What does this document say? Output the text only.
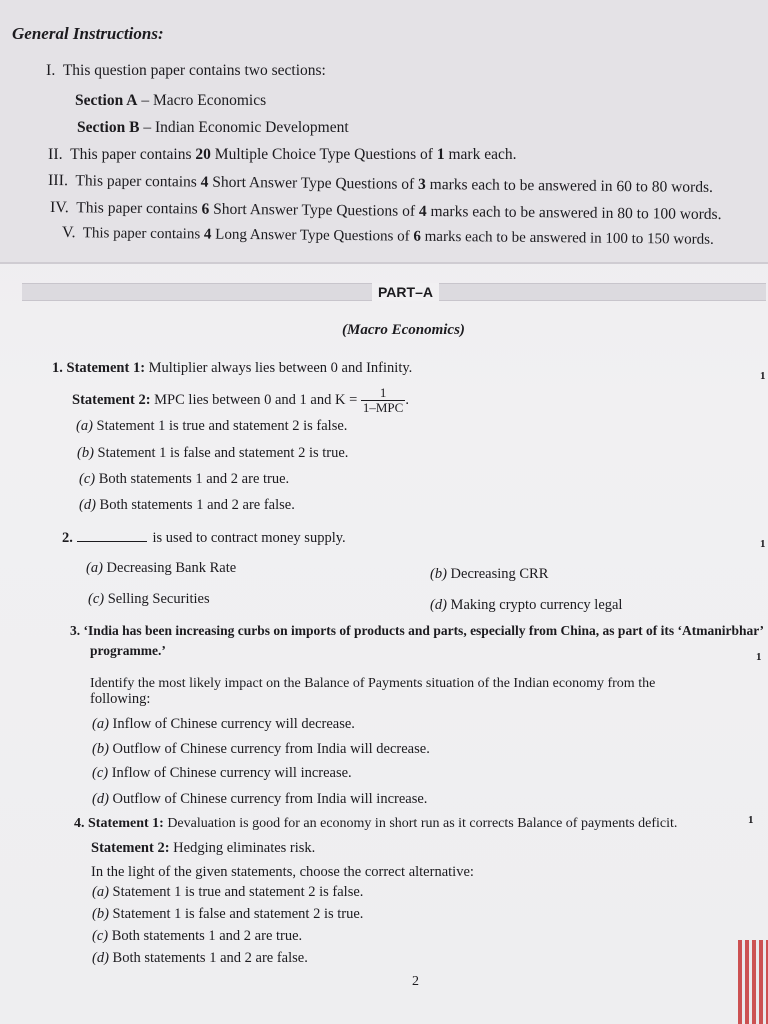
General Instructions:
I. This question paper contains two sections:
Section A – Macro Economics
Section B – Indian Economic Development
II. This paper contains 20 Multiple Choice Type Questions of 1 mark each.
III. This paper contains 4 Short Answer Type Questions of 3 marks each to be answered in 60 to 80 words.
IV. This paper contains 6 Short Answer Type Questions of 4 marks each to be answered in 80 to 100 words.
V. This paper contains 4 Long Answer Type Questions of 6 marks each to be answered in 100 to 150 words.
PART–A
(Macro Economics)
1. Statement 1: Multiplier always lies between 0 and Infinity.
Statement 2: MPC lies between 0 and 1 and $K = \frac{1}{\text{1–MPC}}$ .
(a) Statement 1 is true and statement 2 is false.
(b) Statement 1 is false and statement 2 is true.
(c) Both statements 1 and 2 are true.
(d) Both statements 1 and 2 are false.
1
2.	is used to contract money supply.	1
(a) Decreasing Bank Rate	(b) Decreasing CRR
(c) Selling Securities	(d) Making crypto currency legal
3. ‘India has been increasing curbs on imports of products and parts, especially from China, as part of its ‘Atmanirbhar’
programme.’	1
Identify the most likely impact on the Balance of Payments situation of the Indian economy from the
following:
(a) Inflow of Chinese currency will decrease.
(b) Outflow of Chinese currency from India will decrease.
(c) Inflow of Chinese currency will increase.
(d) Outflow of Chinese currency from India will increase.
4. Statement 1: Devaluation is good for an economy in short run as it corrects Balance of payments deficit.	1
Statement 2: Hedging eliminates risk.
In the light of the given statements, choose the correct alternative:
(a) Statement 1 is true and statement 2 is false.
(b) Statement 1 is false and statement 2 is true.
(c) Both statements 1 and 2 are true.
(d) Both statements 1 and 2 are false.
2
